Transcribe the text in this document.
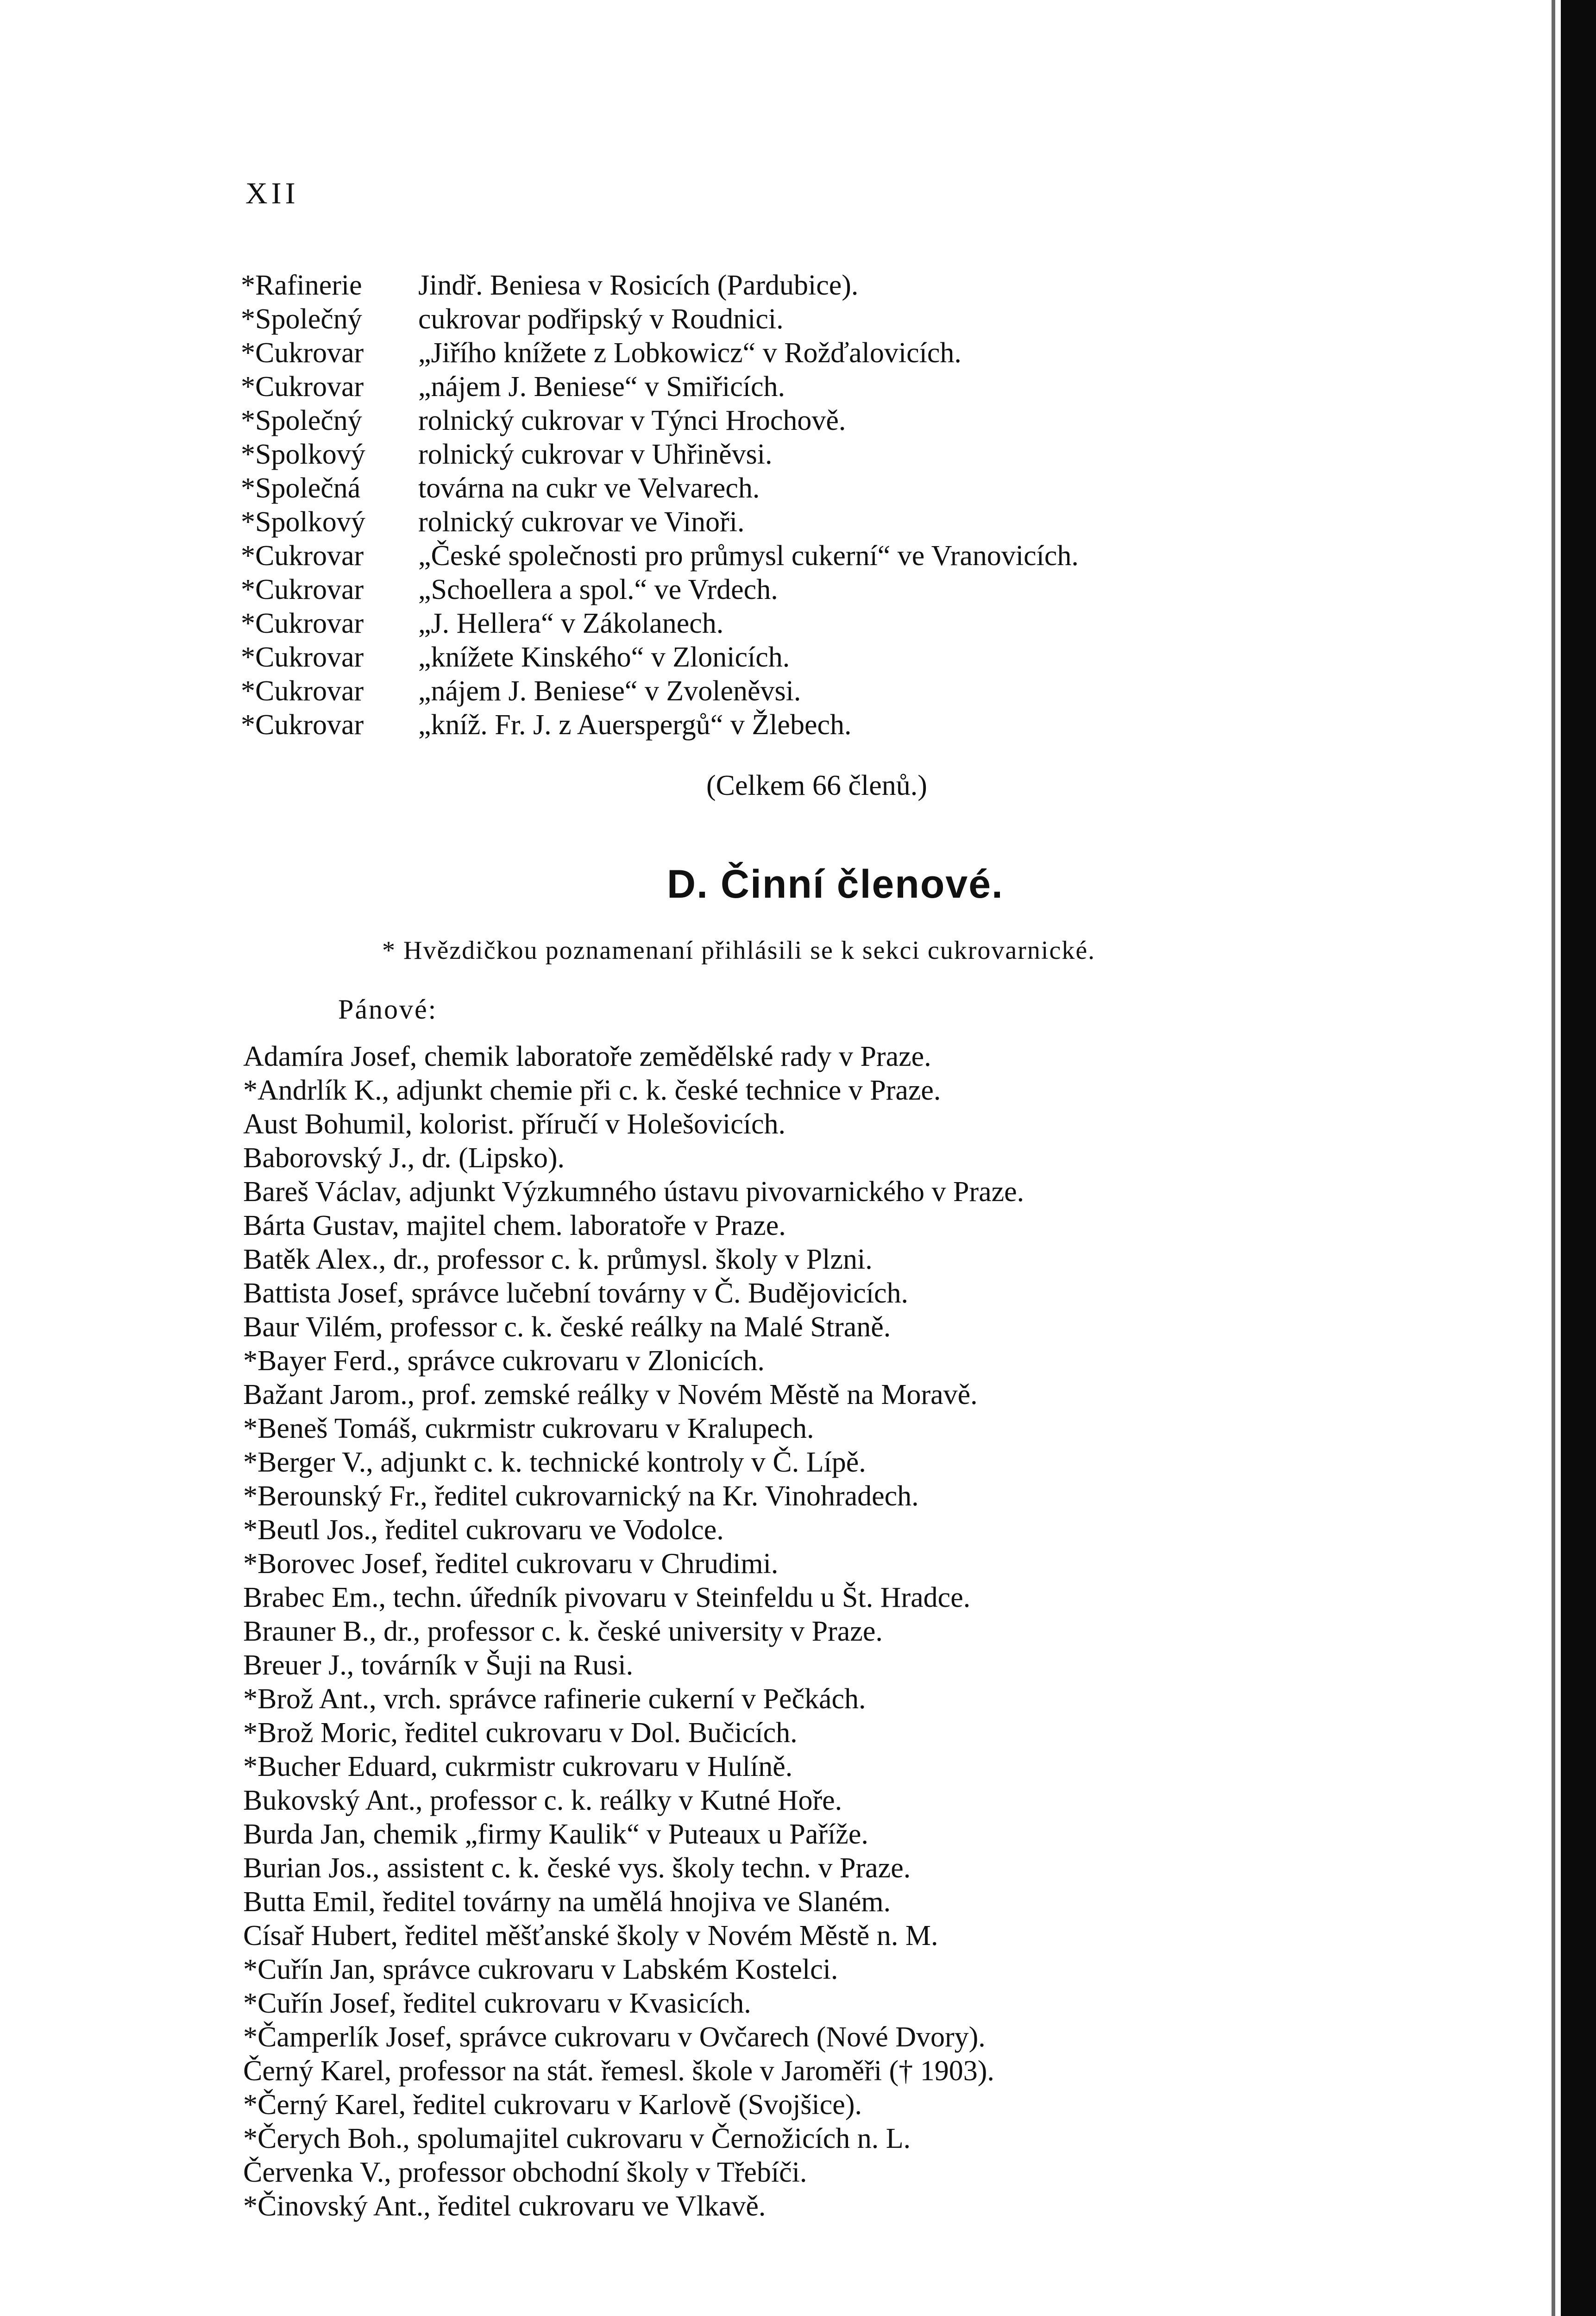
XII
*Rafinerie	Jindř. Beniesa v Rosicích (Pardubice).
*Společný	cukrovar podřipský v Roudnici.
*Cukrovar	„Jiřího knížete z Lobkowicz“ v Rožďalovicích.
*Cukrovar	„nájem J. Beniese“ v Smiřicích.
*Společný	rolnický cukrovar v Týnci Hrochově.
*Spolkový	rolnický cukrovar v Uhřiněvsi.
*Společná	továrna na cukr ve Velvarech.
*Spolkový	rolnický cukrovar ve Vinoři.
*Cukrovar	„České společnosti pro průmysl cukerní“ ve Vranovicích.
*Cukrovar	„Schoellera a spol.“ ve Vrdech.
*Cukrovar	„J. Hellera“ v Zákolanech.
*Cukrovar	„knížete Kinského“ v Zlonicích.
*Cukrovar	„nájem J. Beniese“ v Zvoleněvsi.
*Cukrovar	„kníž. Fr. J. z Auerspergů“ v Žlebech.
(Celkem 66 členů.)
D. Činní členové.
* Hvězdičkou poznamenaní přihlásili se k sekci cukrovarnické.
Pánové:
Adamíra Josef, chemik laboratoře zemědělské rady v Praze.
*Andrlík K., adjunkt chemie při c. k. české technice v Praze.
Aust Bohumil, kolorist. příručí v Holešovicích.
Baborovský J., dr. (Lipsko).
Bareš Václav, adjunkt Výzkumného ústavu pivovarnického v Praze.
Bárta Gustav, majitel chem. laboratoře v Praze.
Batěk Alex., dr., professor c. k. průmysl. školy v Plzni.
Battista Josef, správce lučební továrny v Č. Budějovicích.
Baur Vilém, professor c. k. české reálky na Malé Straně.
*Bayer Ferd., správce cukrovaru v Zlonicích.
Bažant Jarom., prof. zemské reálky v Novém Městě na Moravě.
*Beneš Tomáš, cukrmistr cukrovaru v Kralupech.
*Berger V., adjunkt c. k. technické kontroly v Č. Lípě.
*Berounský Fr., ředitel cukrovarnický na Kr. Vinohradech.
*Beutl Jos., ředitel cukrovaru ve Vodolce.
*Borovec Josef, ředitel cukrovaru v Chrudimi.
Brabec Em., techn. úředník pivovaru v Steinfeldu u Št. Hradce.
Brauner B., dr., professor c. k. české university v Praze.
Breuer J., továrník v Šuji na Rusi.
*Brož Ant., vrch. správce rafinerie cukerní v Pečkách.
*Brož Moric, ředitel cukrovaru v Dol. Bučicích.
*Bucher Eduard, cukrmistr cukrovaru v Hulíně.
Bukovský Ant., professor c. k. reálky v Kutné Hoře.
Burda Jan, chemik „firmy Kaulik“ v Puteaux u Paříže.
Burian Jos., assistent c. k. české vys. školy techn. v Praze.
Butta Emil, ředitel továrny na umělá hnojiva ve Slaném.
Císař Hubert, ředitel měšťanské školy v Novém Městě n. M.
*Cuřín Jan, správce cukrovaru v Labském Kostelci.
*Cuřín Josef, ředitel cukrovaru v Kvasicích.
*Čamperlík Josef, správce cukrovaru v Ovčarech (Nové Dvory).
Černý Karel, professor na stát. řemesl. škole v Jaroměři († 1903).
*Černý Karel, ředitel cukrovaru v Karlově (Svojšice).
*Čerych Boh., spolumajitel cukrovaru v Černožicích n. L.
Červenka V., professor obchodní školy v Třebíči.
*Činovský Ant., ředitel cukrovaru ve Vlkavě.
